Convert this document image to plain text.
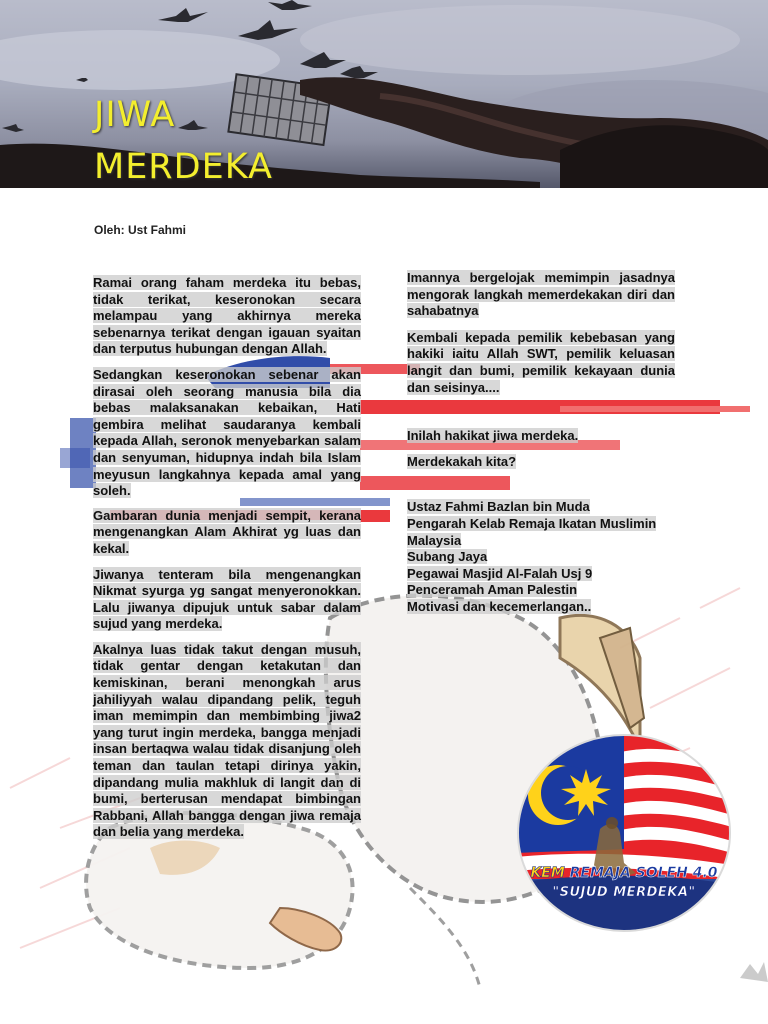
JIWA
MERDEKA
Oleh: Ust Fahmi

Ramai orang faham merdeka itu bebas, tidak terikat, keseronokan secara melampau yang akhirnya mereka sebenarnya terikat dengan igauan syaitan dan terputus hubungan dengan Allah.

Sedangkan keseronokan sebenar akan dirasai oleh seorang manusia bila dia bebas malaksanakan kebaikan, Hati gembira melihat saudaranya kembali kepada Allah, seronok menyebarkan salam dan senyuman, hidupnya indah bila Islam meyusun langkahnya kepada amal yang soleh.

Gambaran dunia menjadi sempit, kerana mengenangkan Alam Akhirat yg luas dan kekal.

Jiwanya tenteram bila mengenangkan Nikmat syurga yg sangat menyeronokkan. Lalu jiwanya dipujuk untuk sabar dalam sujud yang merdeka.

Akalnya luas tidak takut dengan musuh, tidak gentar dengan ketakutan dan kemiskinan, berani menongkah arus jahiliyyah walau dipandang pelik, teguh iman memimpin dan membimbing jiwa2 yang turut ingin merdeka, bangga menjadi insan bertaqwa walau tidak disanjung oleh teman dan taulan tetapi dirinya yakin, dipandang mulia makhluk di langit dan di bumi, berterusan mendapat bimbingan Rabbani, Allah bangga dengan jiwa remaja dan belia yang merdeka.

Imannya bergelojak memimpin jasadnya mengorak langkah memerdekakan diri dan sahabatnya

Kembali kepada pemilik kebebasan yang hakiki iaitu Allah SWT, pemilik keluasan langit dan bumi, pemilik kekayaan dunia dan seisinya....

Inilah hakikat jiwa merdeka.

Merdekakah kita?

Ustaz Fahmi Bazlan bin Muda
Pengarah Kelab Remaja Ikatan Muslimin Malaysia
Subang Jaya
Pegawai Masjid Al-Falah Usj 9
Penceramah Aman Palestin
Motivasi dan kecemerlangan..
KEM REMAJA SOLEH 4.0
"SUJUD MERDEKA"
